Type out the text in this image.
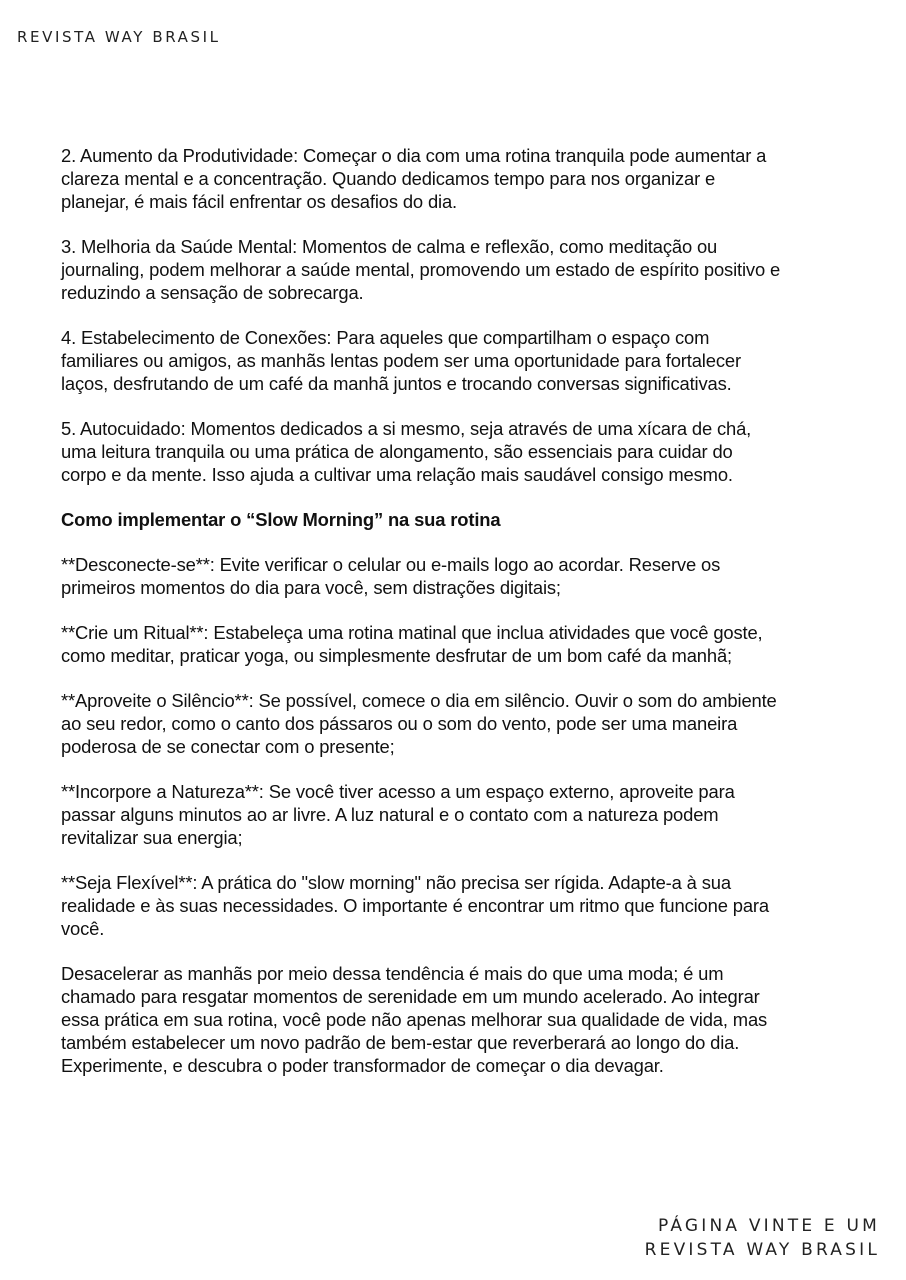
REVISTA WAY BRASIL

2. Aumento da Produtividade: Começar o dia com uma rotina tranquila pode aumentar a clareza mental e a concentração. Quando dedicamos tempo para nos organizar e planejar, é mais fácil enfrentar os desafios do dia.

3. Melhoria da Saúde Mental: Momentos de calma e reflexão, como meditação ou journaling, podem melhorar a saúde mental, promovendo um estado de espírito positivo e reduzindo a sensação de sobrecarga.

4. Estabelecimento de Conexões: Para aqueles que compartilham o espaço com familiares ou amigos, as manhãs lentas podem ser uma oportunidade para fortalecer laços, desfrutando de um café da manhã juntos e trocando conversas significativas.

5. Autocuidado: Momentos dedicados a si mesmo, seja através de uma xícara de chá, uma leitura tranquila ou uma prática de alongamento, são essenciais para cuidar do corpo e da mente. Isso ajuda a cultivar uma relação mais saudável consigo mesmo.

Como implementar o “Slow Morning” na sua rotina

**Desconecte-se**: Evite verificar o celular ou e-mails logo ao acordar. Reserve os primeiros momentos do dia para você, sem distrações digitais;

**Crie um Ritual**: Estabeleça uma rotina matinal que inclua atividades que você goste, como meditar, praticar yoga, ou simplesmente desfrutar de um bom café da manhã;

**Aproveite o Silêncio**: Se possível, comece o dia em silêncio. Ouvir o som do ambiente ao seu redor, como o canto dos pássaros ou o som do vento, pode ser uma maneira poderosa de se conectar com o presente;

**Incorpore a Natureza**: Se você tiver acesso a um espaço externo, aproveite para passar alguns minutos ao ar livre. A luz natural e o contato com a natureza podem revitalizar sua energia;

**Seja Flexível**: A prática do "slow morning" não precisa ser rígida. Adapte-a à sua realidade e às suas necessidades. O importante é encontrar um ritmo que funcione para você.

Desacelerar as manhãs por meio dessa tendência é mais do que uma moda; é um chamado para resgatar momentos de serenidade em um mundo acelerado. Ao integrar essa prática em sua rotina, você pode não apenas melhorar sua qualidade de vida, mas também estabelecer um novo padrão de bem-estar que reverberará ao longo do dia. Experimente, e descubra o poder transformador de começar o dia devagar.

PÁGINA VINTE E UM
REVISTA WAY BRASIL
